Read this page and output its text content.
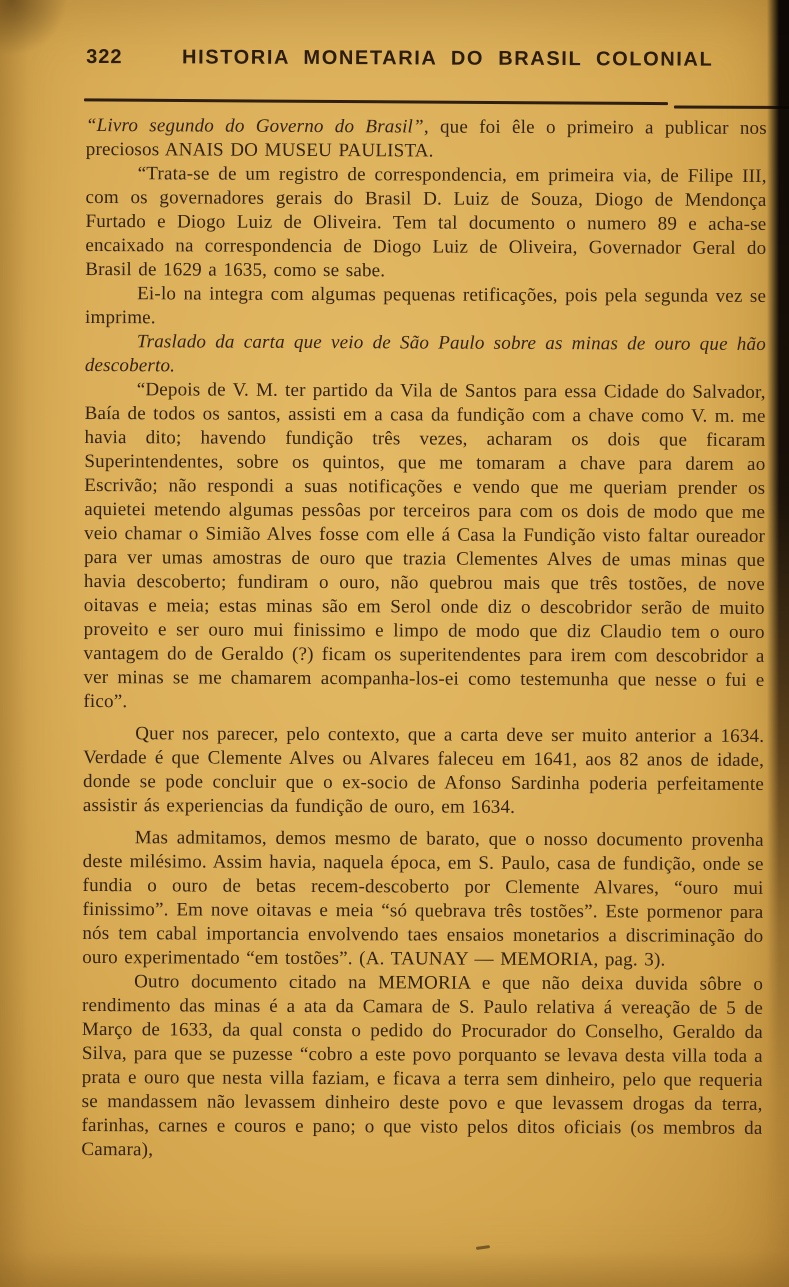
322	HISTORIA MONETARIA DO BRASIL COLONIAL

“Livro segundo do Governo do Brasil”, que foi êle o primeiro a publicar nos preciosos ANAIS DO MUSEU PAULISTA.

“Trata-se de um registro de correspondencia, em primeira via, de Filipe III, com os governadores gerais do Brasil D. Luiz de Souza, Diogo de Mendonça Furtado e Diogo Luiz de Oliveira. Tem tal documento o numero 89 e acha-se encaixado na correspondencia de Diogo Luiz de Oliveira, Governador Geral do Brasil de 1629 a 1635, como se sabe.

Ei-lo na integra com algumas pequenas retificações, pois pela segunda vez se imprime.

Traslado da carta que veio de São Paulo sobre as minas de ouro que hão descoberto.

“Depois de V. M. ter partido da Vila de Santos para essa Cidade do Salvador, Baía de todos os santos, assisti em a casa da fundição com a chave como V. m. me havia dito; havendo fundição três vezes, acharam os dois que ficaram Superintendentes, sobre os quintos, que me tomaram a chave para darem ao Escrivão; não respondi a suas notificações e vendo que me queriam prender os aquietei metendo algumas pessôas por terceiros para com os dois de modo que me veio chamar o Simião Alves fosse com elle á Casa la Fundição visto faltar oureador para ver umas amostras de ouro que trazia Clementes Alves de umas minas que havia descoberto; fundiram o ouro, não quebrou mais que três tostões, de nove oitavas e meia; estas minas são em Serol onde diz o descobridor serão de muito proveito e ser ouro mui finissimo e limpo de modo que diz Claudio tem o ouro vantagem do de Geraldo (?) ficam os superitendentes para irem com descobridor a ver minas se me chamarem acompanha-los-ei como testemunha que nesse o fui e fico”.

Quer nos parecer, pelo contexto, que a carta deve ser muito anterior a 1634. Verdade é que Clemente Alves ou Alvares faleceu em 1641, aos 82 anos de idade, donde se pode concluir que o ex-socio de Afonso Sardinha poderia perfeitamente assistir ás experiencias da fundição de ouro, em 1634.

Mas admitamos, demos mesmo de barato, que o nosso documento provenha deste milésimo. Assim havia, naquela época, em S. Paulo, casa de fundição, onde se fundia o ouro de betas recem-descoberto por Clemente Alvares, “ouro mui finissimo”. Em nove oitavas e meia “só quebrava três tostões”. Este pormenor para nós tem cabal importancia envolvendo taes ensaios monetarios a discriminação do ouro experimentado “em tostões”. (A. TAUNAY — MEMORIA, pag. 3).

Outro documento citado na MEMORIA e que não deixa duvida sôbre o rendimento das minas é a ata da Camara de S. Paulo relativa á vereação de 5 de Março de 1633, da qual consta o pedido do Procurador do Conselho, Geraldo da Silva, para que se puzesse “cobro a este povo porquanto se levava desta villa toda a prata e ouro que nesta villa faziam, e ficava a terra sem dinheiro, pelo que requeria se mandassem não levassem dinheiro deste povo e que levassem drogas da terra, farinhas, carnes e couros e pano; o que visto pelos ditos oficiais (os membros da Camara),
